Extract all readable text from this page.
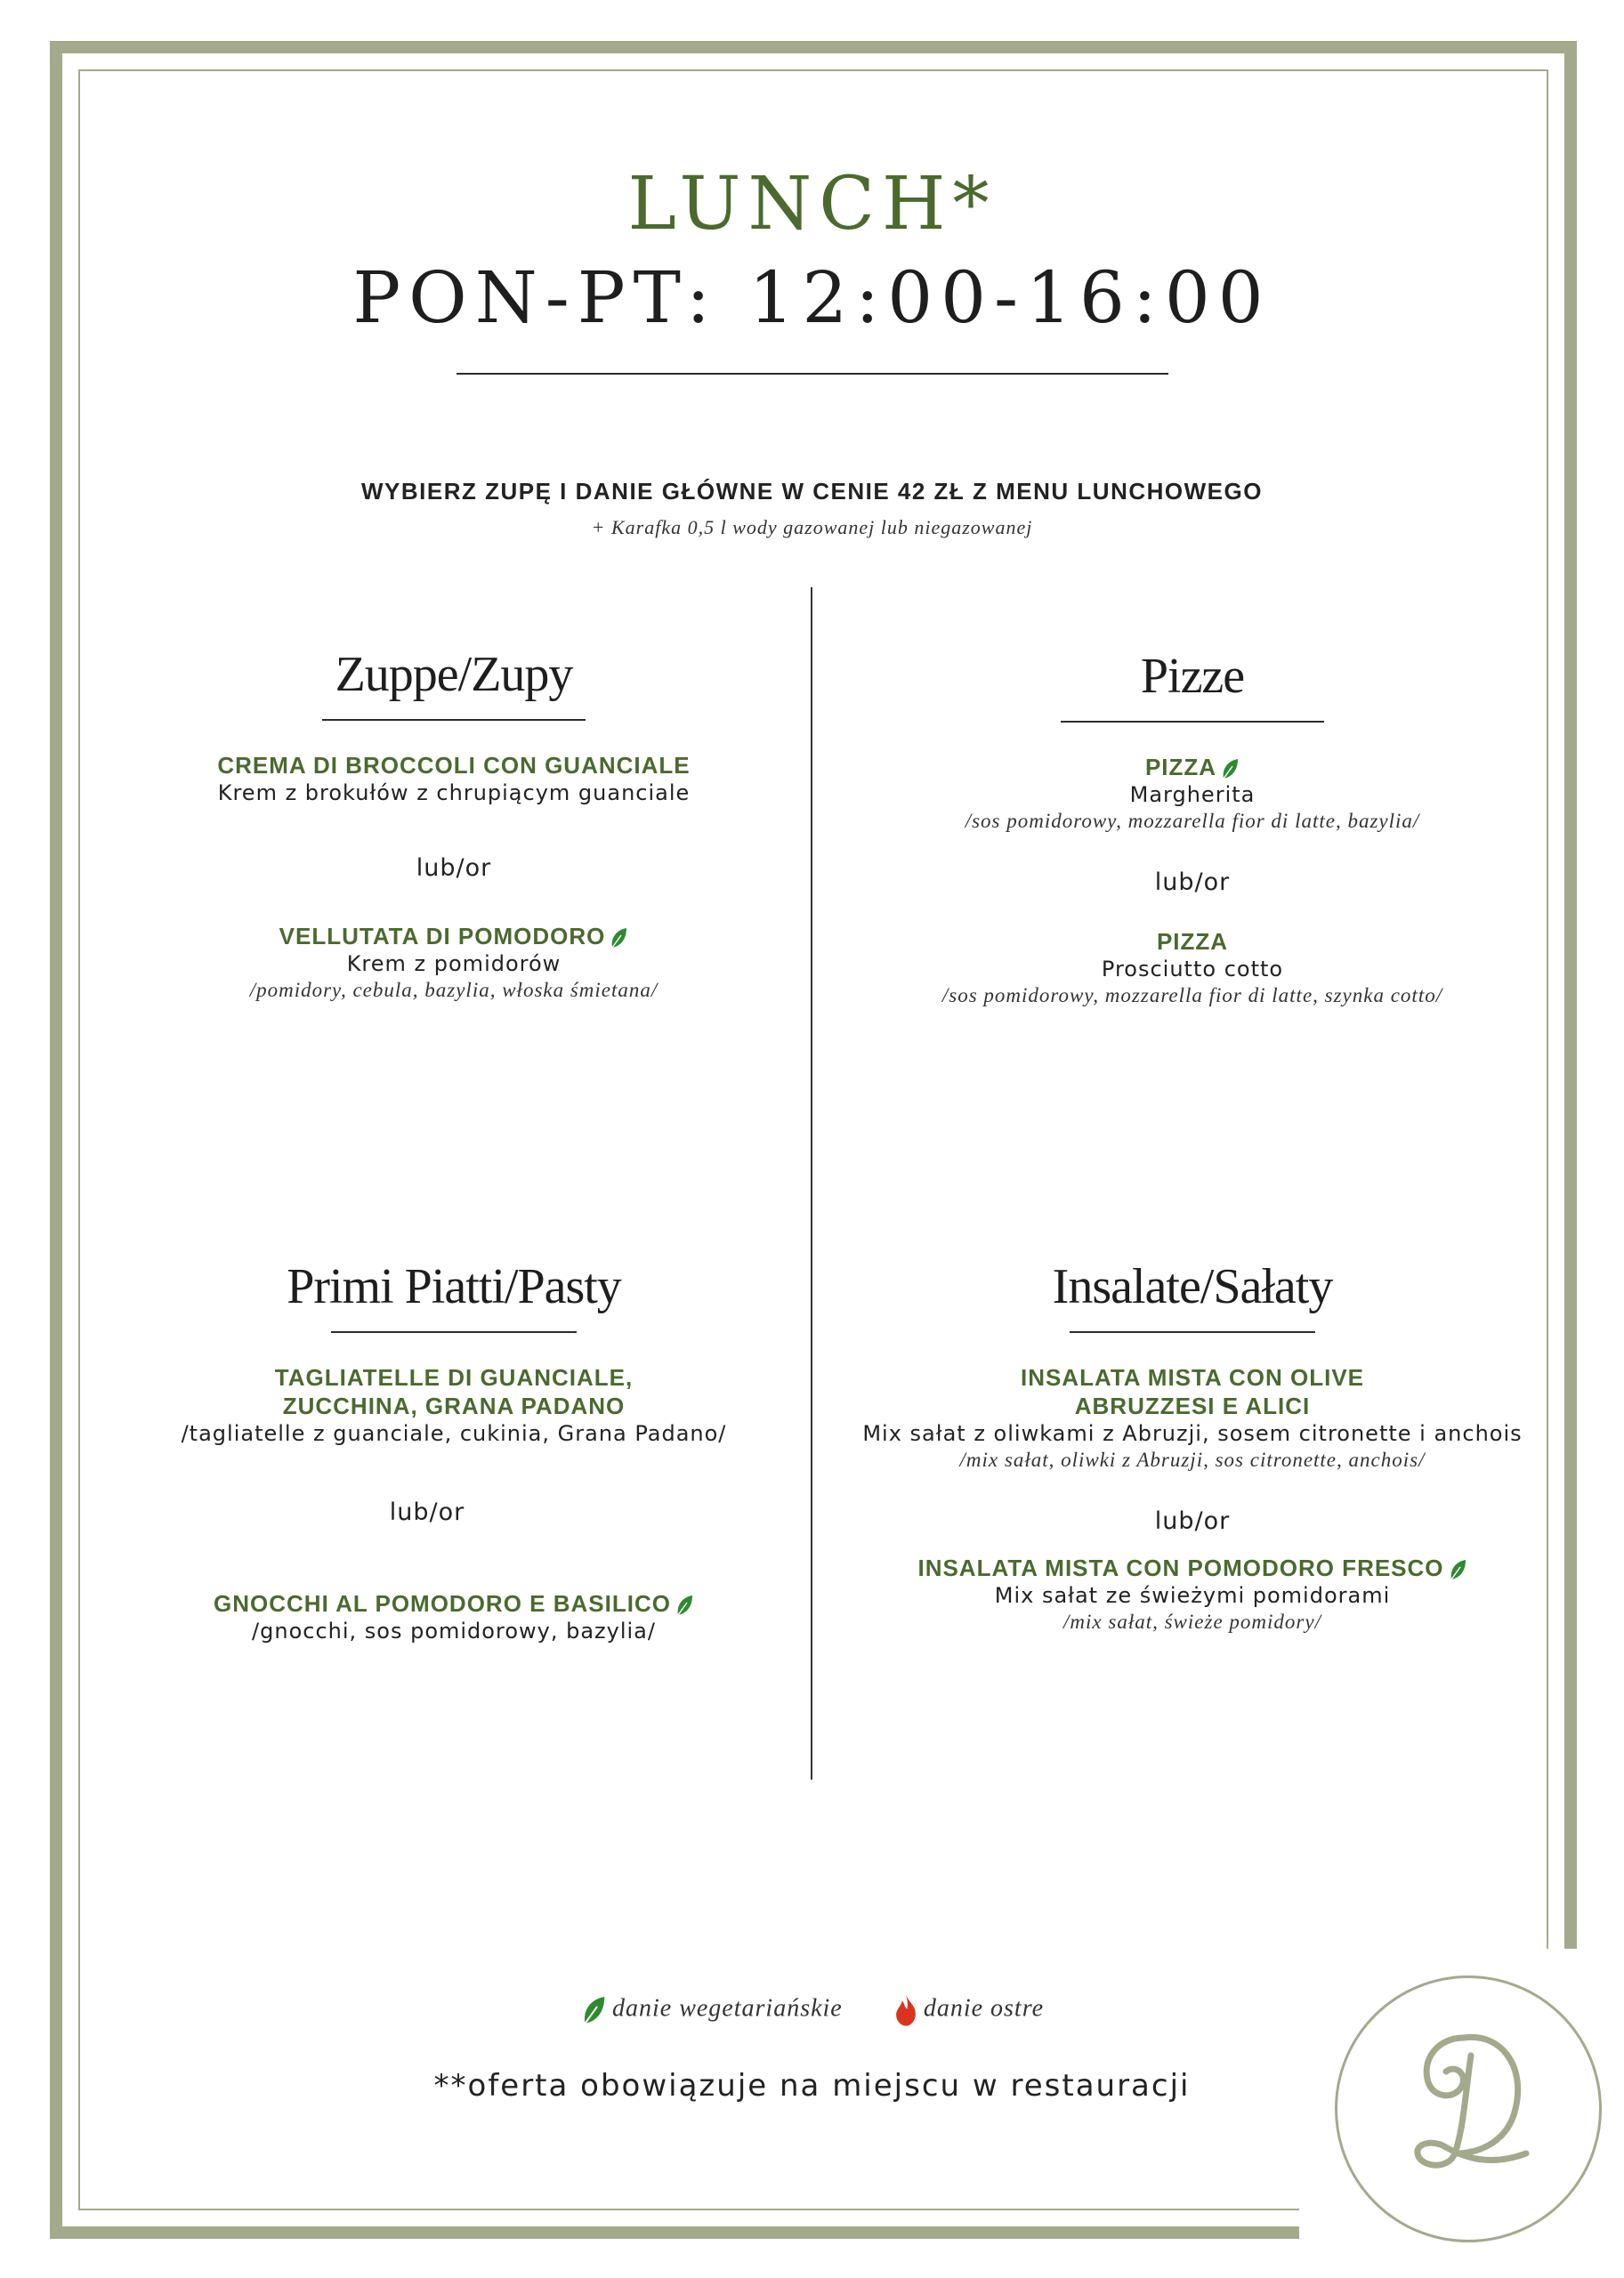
LUNCH*
PON-PT: 12:00-16:00
WYBIERZ ZUPĘ I DANIE GŁÓWNE W CENIE 42 ZŁ Z MENU LUNCHOWEGO
+ Karafka 0,5 l wody gazowanej lub niegazowanej
Zuppe/Zupy
CREMA DI BROCCOLI CON GUANCIALE
Krem z brokułów z chrupiącym guanciale
lub/or
VELLUTATA DI POMODORO
Krem z pomidorów
/pomidory, cebula, bazylia, włoska śmietana/
Pizze
PIZZA
Margherita
/sos pomidorowy, mozzarella fior di latte, bazylia/
lub/or
PIZZA
Prosciutto cotto
/sos pomidorowy, mozzarella fior di latte, szynka cotto/
Primi Piatti/Pasty
TAGLIATELLE DI GUANCIALE,
ZUCCHINA, GRANA PADANO
/tagliatelle z guanciale, cukinia, Grana Padano/
lub/or
GNOCCHI AL POMODORO E BASILICO
/gnocchi, sos pomidorowy, bazylia/
Insalate/Sałaty
INSALATA MISTA CON OLIVE
ABRUZZESI E ALICI
Mix sałat z oliwkami z Abruzji, sosem citronette i anchois
/mix sałat, oliwki z Abruzji, sos citronette, anchois/
lub/or
INSALATA MISTA CON POMODORO FRESCO
Mix sałat ze świeżymi pomidorami
/mix sałat, świeże pomidory/
danie wegetariańskie	danie ostre
**oferta obowiązuje na miejscu w restauracji
